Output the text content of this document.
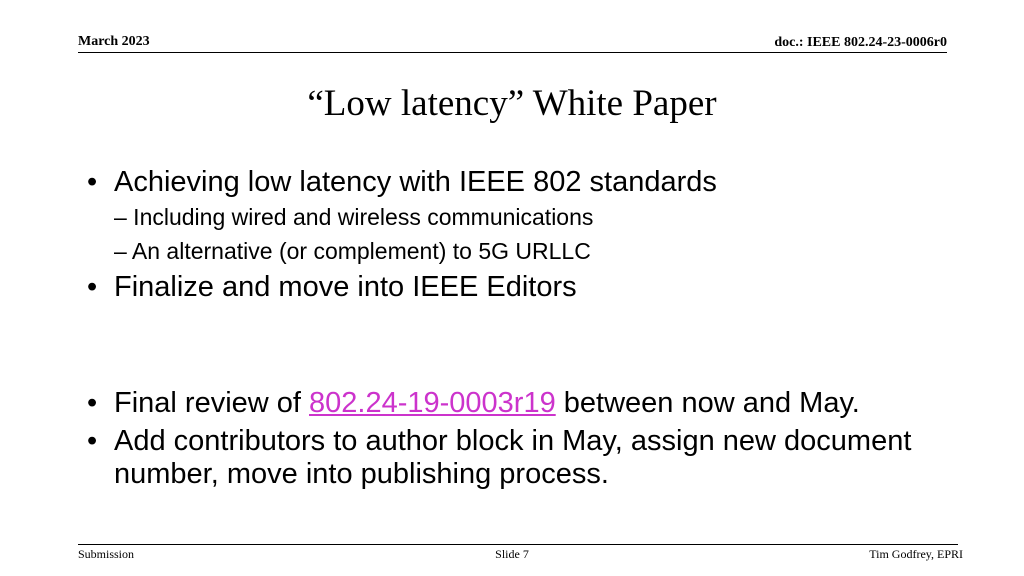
March 2023	doc.: IEEE 802.24-23-0006r0
“Low latency” White Paper
• Achieving low latency with IEEE 802 standards
– Including wired and wireless communications
– An alternative (or complement) to 5G URLLC
• Finalize and move into IEEE Editors
• Final review of 802.24-19-0003r19 between now and May.
• Add contributors to author block in May, assign new document number, move into publishing process.
Submission	Slide 7	Tim Godfrey, EPRI
